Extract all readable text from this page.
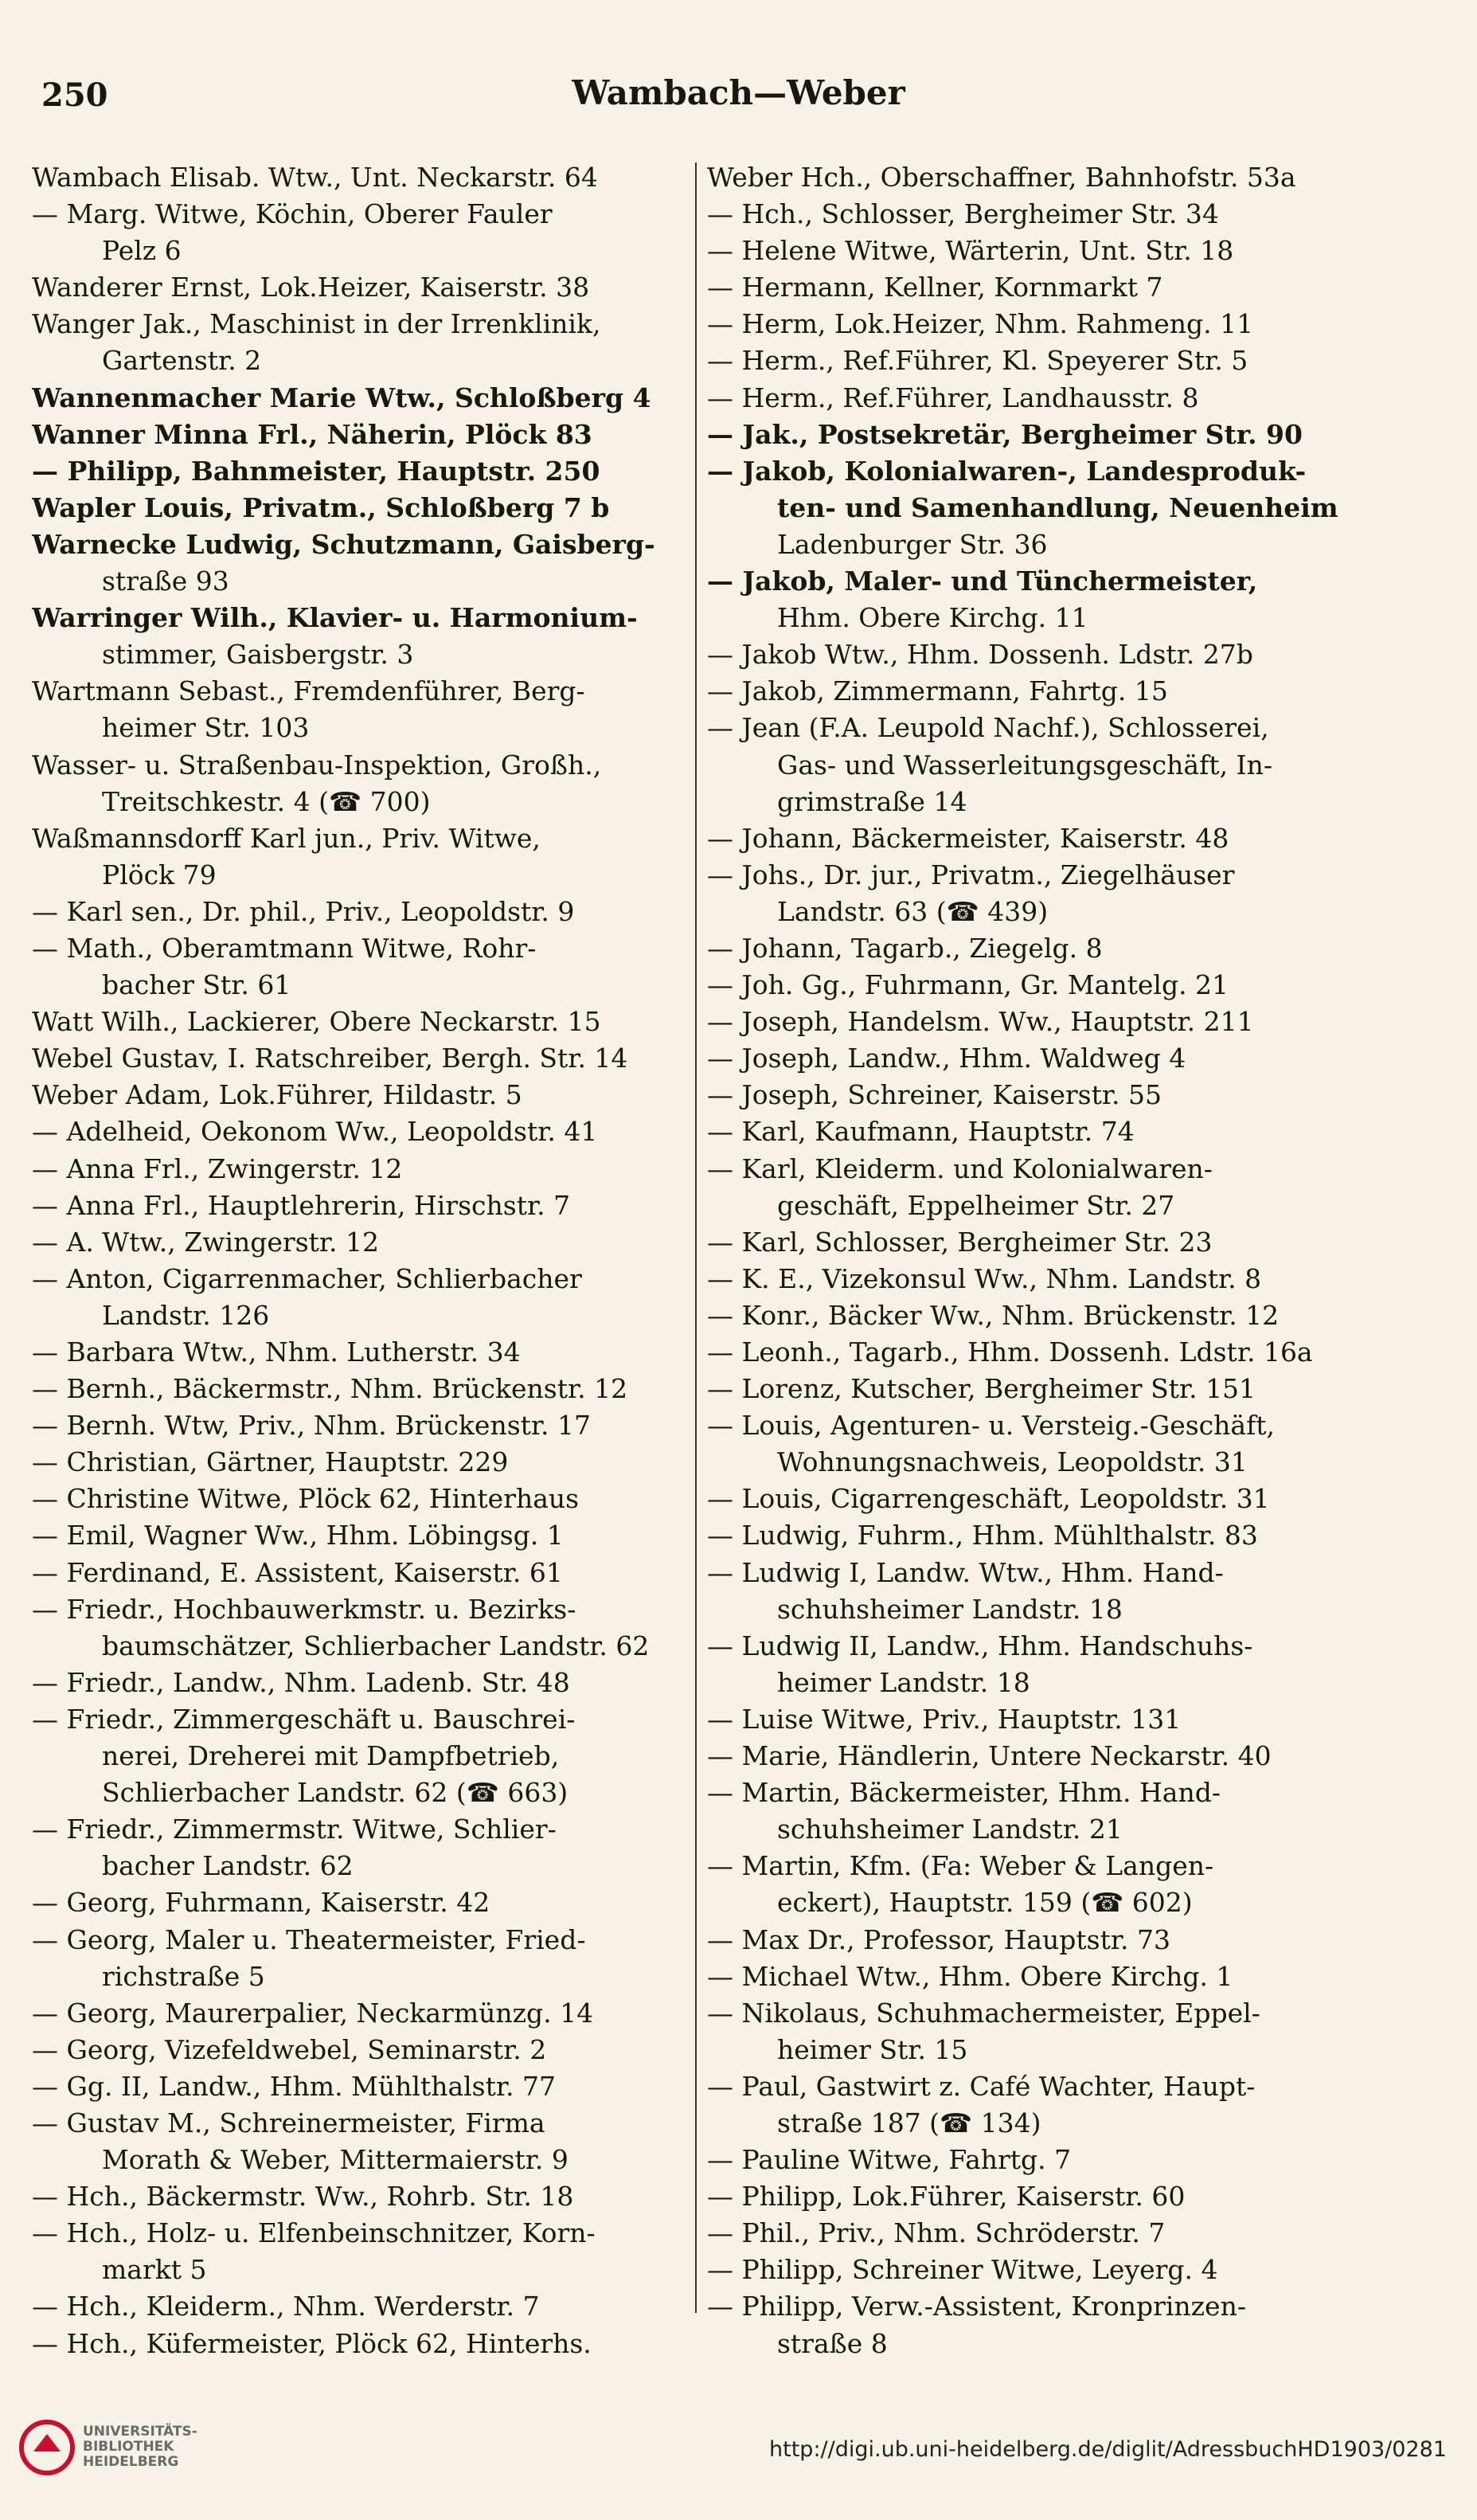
250	Wambach—Weber
Wambach Elisab. Wtw., Unt. Neckarstr. 64
— Marg. Witwe, Köchin, Oberer Fauler
Pelz 6
Wanderer Ernst, Lok.Heizer, Kaiserstr. 38
Wanger Jak., Maschinist in der Irrenklinik,
Gartenstr. 2
Wannenmacher Marie Wtw., Schloßberg 4
Wanner Minna Frl., Näherin, Plöck 83
— Philipp, Bahnmeister, Hauptstr. 250
Wapler Louis, Privatm., Schloßberg 7 b
Warnecke Ludwig, Schutzmann, Gaisberg-
straße 93
Warringer Wilh., Klavier- u. Harmonium-
stimmer, Gaisbergstr. 3
Wartmann Sebast., Fremdenführer, Berg-
heimer Str. 103
Wasser- u. Straßenbau-Inspektion, Großh.,
Treitschkestr. 4 (☎ 700)
Waßmannsdorff Karl jun., Priv. Witwe,
Plöck 79
— Karl sen., Dr. phil., Priv., Leopoldstr. 9
— Math., Oberamtmann Witwe, Rohr-
bacher Str. 61
Watt Wilh., Lackierer, Obere Neckarstr. 15
Webel Gustav, I. Ratschreiber, Bergh. Str. 14
Weber Adam, Lok.Führer, Hildastr. 5
— Adelheid, Oekonom Ww., Leopoldstr. 41
— Anna Frl., Zwingerstr. 12
— Anna Frl., Hauptlehrerin, Hirschstr. 7
— A. Wtw., Zwingerstr. 12
— Anton, Cigarrenmacher, Schlierbacher
Landstr. 126
— Barbara Wtw., Nhm. Lutherstr. 34
— Bernh., Bäckermstr., Nhm. Brückenstr. 12
— Bernh. Wtw, Priv., Nhm. Brückenstr. 17
— Christian, Gärtner, Hauptstr. 229
— Christine Witwe, Plöck 62, Hinterhaus
— Emil, Wagner Ww., Hhm. Löbingsg. 1
— Ferdinand, E. Assistent, Kaiserstr. 61
— Friedr., Hochbauwerkmstr. u. Bezirks-
baumschätzer, Schlierbacher Landstr. 62
— Friedr., Landw., Nhm. Ladenb. Str. 48
— Friedr., Zimmergeschäft u. Bauschrei-
nerei, Dreherei mit Dampfbetrieb,
Schlierbacher Landstr. 62 (☎ 663)
— Friedr., Zimmermstr. Witwe, Schlier-
bacher Landstr. 62
— Georg, Fuhrmann, Kaiserstr. 42
— Georg, Maler u. Theatermeister, Fried-
richstraße 5
— Georg, Maurerpalier, Neckarmünzg. 14
— Georg, Vizefeldwebel, Seminarstr. 2
— Gg. II, Landw., Hhm. Mühlthalstr. 77
— Gustav M., Schreinermeister, Firma
Morath & Weber, Mittermaierstr. 9
— Hch., Bäckermstr. Ww., Rohrb. Str. 18
— Hch., Holz- u. Elfenbeinschnitzer, Korn-
markt 5
— Hch., Kleiderm., Nhm. Werderstr. 7
— Hch., Küfermeister, Plöck 62, Hinterhs.
Weber Hch., Oberschaffner, Bahnhofstr. 53a
— Hch., Schlosser, Bergheimer Str. 34
— Helene Witwe, Wärterin, Unt. Str. 18
— Hermann, Kellner, Kornmarkt 7
— Herm, Lok.Heizer, Nhm. Rahmeng. 11
— Herm., Ref.Führer, Kl. Speyerer Str. 5
— Herm., Ref.Führer, Landhausstr. 8
— Jak., Postsekretär, Bergheimer Str. 90
— Jakob, Kolonialwaren-, Landesproduk-
ten- und Samenhandlung, Neuenheim
Ladenburger Str. 36
— Jakob, Maler- und Tünchermeister,
Hhm. Obere Kirchg. 11
— Jakob Wtw., Hhm. Dossenh. Ldstr. 27b
— Jakob, Zimmermann, Fahrtg. 15
— Jean (F.A. Leupold Nachf.), Schlosserei,
Gas- und Wasserleitungsgeschäft, In-
grimstraße 14
— Johann, Bäckermeister, Kaiserstr. 48
— Johs., Dr. jur., Privatm., Ziegelhäuser
Landstr. 63 (☎ 439)
— Johann, Tagarb., Ziegelg. 8
— Joh. Gg., Fuhrmann, Gr. Mantelg. 21
— Joseph, Handelsm. Ww., Hauptstr. 211
— Joseph, Landw., Hhm. Waldweg 4
— Joseph, Schreiner, Kaiserstr. 55
— Karl, Kaufmann, Hauptstr. 74
— Karl, Kleiderm. und Kolonialwaren-
geschäft, Eppelheimer Str. 27
— Karl, Schlosser, Bergheimer Str. 23
— K. E., Vizekonsul Ww., Nhm. Landstr. 8
— Konr., Bäcker Ww., Nhm. Brückenstr. 12
— Leonh., Tagarb., Hhm. Dossenh. Ldstr. 16a
— Lorenz, Kutscher, Bergheimer Str. 151
— Louis, Agenturen- u. Versteig.-Geschäft,
Wohnungsnachweis, Leopoldstr. 31
— Louis, Cigarrengeschäft, Leopoldstr. 31
— Ludwig, Fuhrm., Hhm. Mühlthalstr. 83
— Ludwig I, Landw. Wtw., Hhm. Hand-
schuhsheimer Landstr. 18
— Ludwig II, Landw., Hhm. Handschuhs-
heimer Landstr. 18
— Luise Witwe, Priv., Hauptstr. 131
— Marie, Händlerin, Untere Neckarstr. 40
— Martin, Bäckermeister, Hhm. Hand-
schuhsheimer Landstr. 21
— Martin, Kfm. (Fa: Weber & Langen-
eckert), Hauptstr. 159 (☎ 602)
— Max Dr., Professor, Hauptstr. 73
— Michael Wtw., Hhm. Obere Kirchg. 1
— Nikolaus, Schuhmachermeister, Eppel-
heimer Str. 15
— Paul, Gastwirt z. Café Wachter, Haupt-
straße 187 (☎ 134)
— Pauline Witwe, Fahrtg. 7
— Philipp, Lok.Führer, Kaiserstr. 60
— Phil., Priv., Nhm. Schröderstr. 7
— Philipp, Schreiner Witwe, Leyerg. 4
— Philipp, Verw.-Assistent, Kronprinzen-
straße 8
UNIVERSITÄTS-
BIBLIOTHEK
HEIDELBERG	http://digi.ub.uni-heidelberg.de/diglit/AdressbuchHD1903/0281
